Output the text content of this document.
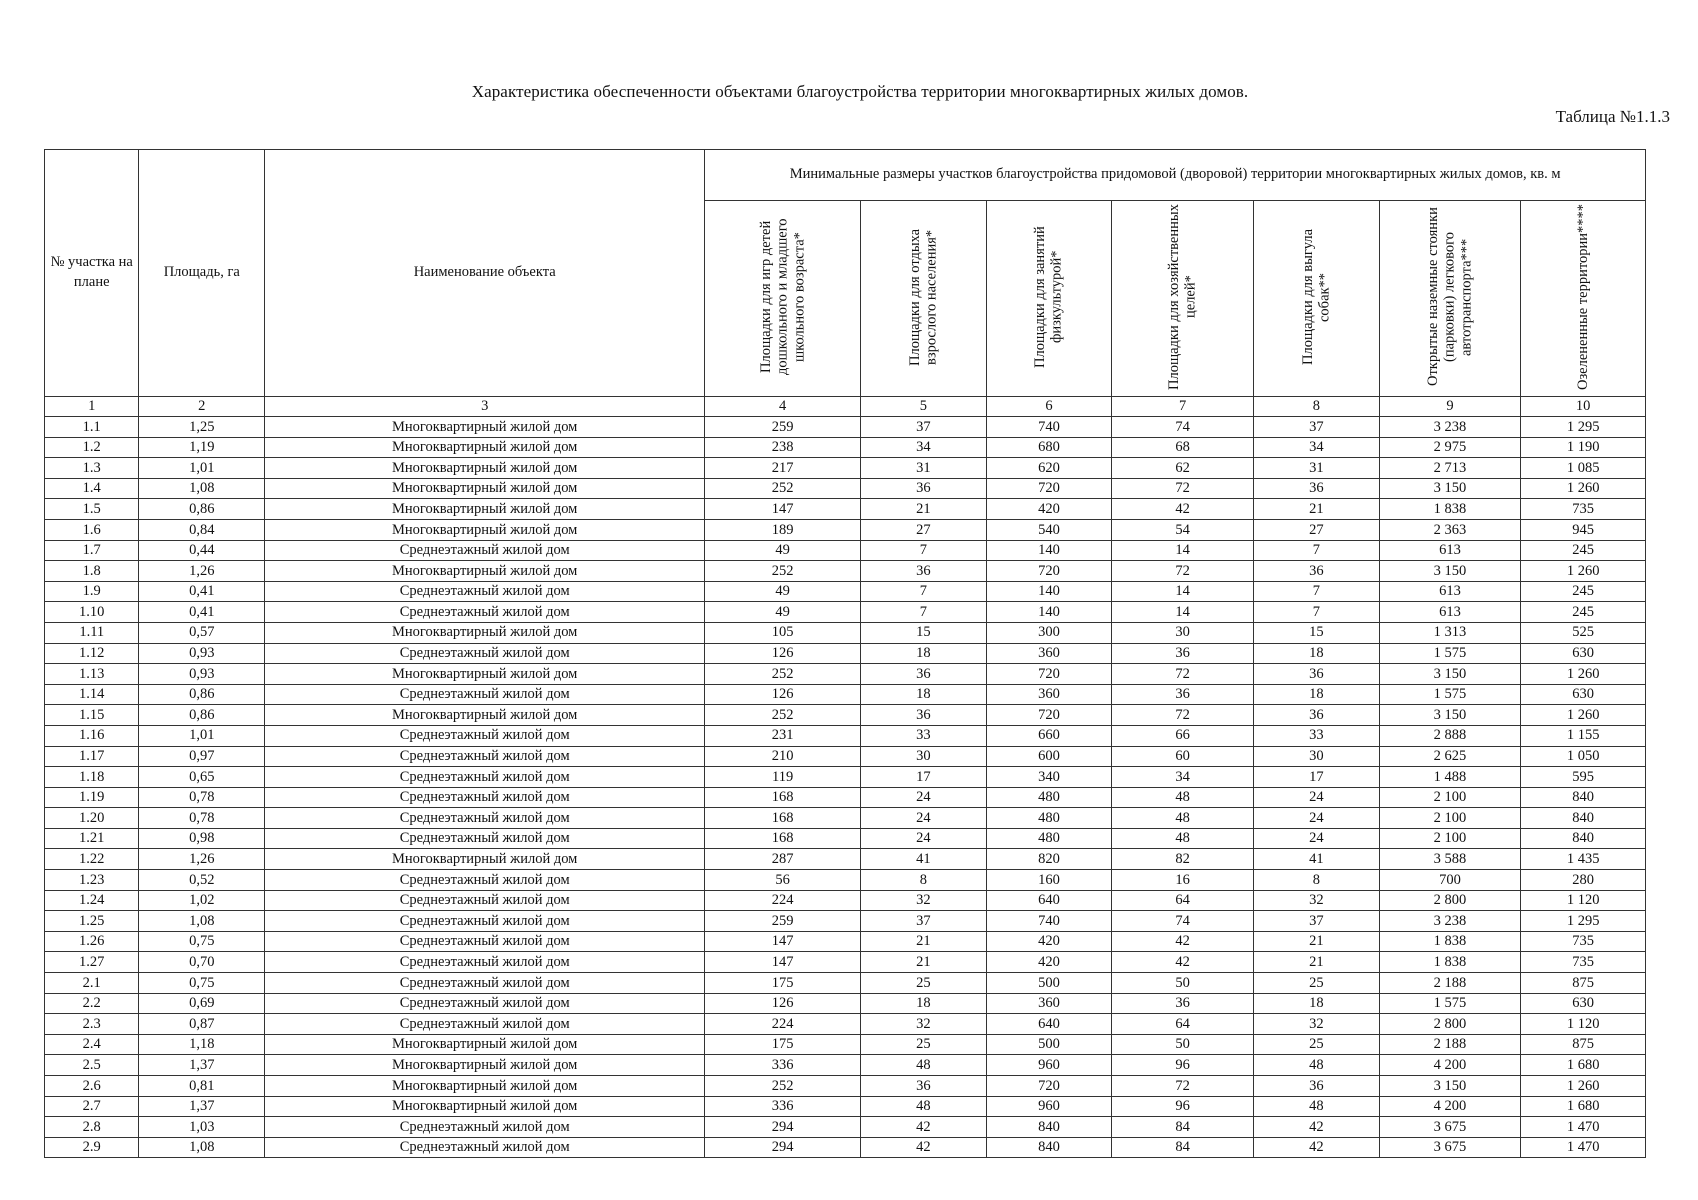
Характеристика обеспеченности объектами благоустройства территории многоквартирных жилых домов.
Таблица №1.1.3
№ участка на плане	Площадь, га	Наименование объекта	Минимальные размеры участков благоустройства придомовой (дворовой) территории многоквартирных жилых домов, кв. м						
			Площадки для игр детей дошкольного и младшего школьного возраста*	Площадки для отдыха взрослого населения*	Площадки для занятий физкультурой*	Площадки для хозяйственных целей*	Площадки для выгула собак**	Открытые наземные стоянки (парковки) легкового автотранспорта***	Озелененные территории****
1	2	3	4	5	6	7	8	9	10
1.1	1,25	Многоквартирный жилой дом	259	37	740	74	37	3 238	1 295
1.2	1,19	Многоквартирный жилой дом	238	34	680	68	34	2 975	1 190
1.3	1,01	Многоквартирный жилой дом	217	31	620	62	31	2 713	1 085
1.4	1,08	Многоквартирный жилой дом	252	36	720	72	36	3 150	1 260
1.5	0,86	Многоквартирный жилой дом	147	21	420	42	21	1 838	735
1.6	0,84	Многоквартирный жилой дом	189	27	540	54	27	2 363	945
1.7	0,44	Среднеэтажный жилой дом	49	7	140	14	7	613	245
1.8	1,26	Многоквартирный жилой дом	252	36	720	72	36	3 150	1 260
1.9	0,41	Среднеэтажный жилой дом	49	7	140	14	7	613	245
1.10	0,41	Среднеэтажный жилой дом	49	7	140	14	7	613	245
1.11	0,57	Многоквартирный жилой дом	105	15	300	30	15	1 313	525
1.12	0,93	Среднеэтажный жилой дом	126	18	360	36	18	1 575	630
1.13	0,93	Многоквартирный жилой дом	252	36	720	72	36	3 150	1 260
1.14	0,86	Среднеэтажный жилой дом	126	18	360	36	18	1 575	630
1.15	0,86	Многоквартирный жилой дом	252	36	720	72	36	3 150	1 260
1.16	1,01	Среднеэтажный жилой дом	231	33	660	66	33	2 888	1 155
1.17	0,97	Среднеэтажный жилой дом	210	30	600	60	30	2 625	1 050
1.18	0,65	Среднеэтажный жилой дом	119	17	340	34	17	1 488	595
1.19	0,78	Среднеэтажный жилой дом	168	24	480	48	24	2 100	840
1.20	0,78	Среднеэтажный жилой дом	168	24	480	48	24	2 100	840
1.21	0,98	Среднеэтажный жилой дом	168	24	480	48	24	2 100	840
1.22	1,26	Многоквартирный жилой дом	287	41	820	82	41	3 588	1 435
1.23	0,52	Среднеэтажный жилой дом	56	8	160	16	8	700	280
1.24	1,02	Среднеэтажный жилой дом	224	32	640	64	32	2 800	1 120
1.25	1,08	Среднеэтажный жилой дом	259	37	740	74	37	3 238	1 295
1.26	0,75	Среднеэтажный жилой дом	147	21	420	42	21	1 838	735
1.27	0,70	Среднеэтажный жилой дом	147	21	420	42	21	1 838	735
2.1	0,75	Среднеэтажный жилой дом	175	25	500	50	25	2 188	875
2.2	0,69	Среднеэтажный жилой дом	126	18	360	36	18	1 575	630
2.3	0,87	Среднеэтажный жилой дом	224	32	640	64	32	2 800	1 120
2.4	1,18	Многоквартирный жилой дом	175	25	500	50	25	2 188	875
2.5	1,37	Многоквартирный жилой дом	336	48	960	96	48	4 200	1 680
2.6	0,81	Многоквартирный жилой дом	252	36	720	72	36	3 150	1 260
2.7	1,37	Многоквартирный жилой дом	336	48	960	96	48	4 200	1 680
2.8	1,03	Среднеэтажный жилой дом	294	42	840	84	42	3 675	1 470
2.9	1,08	Среднеэтажный жилой дом	294	42	840	84	42	3 675	1 470
